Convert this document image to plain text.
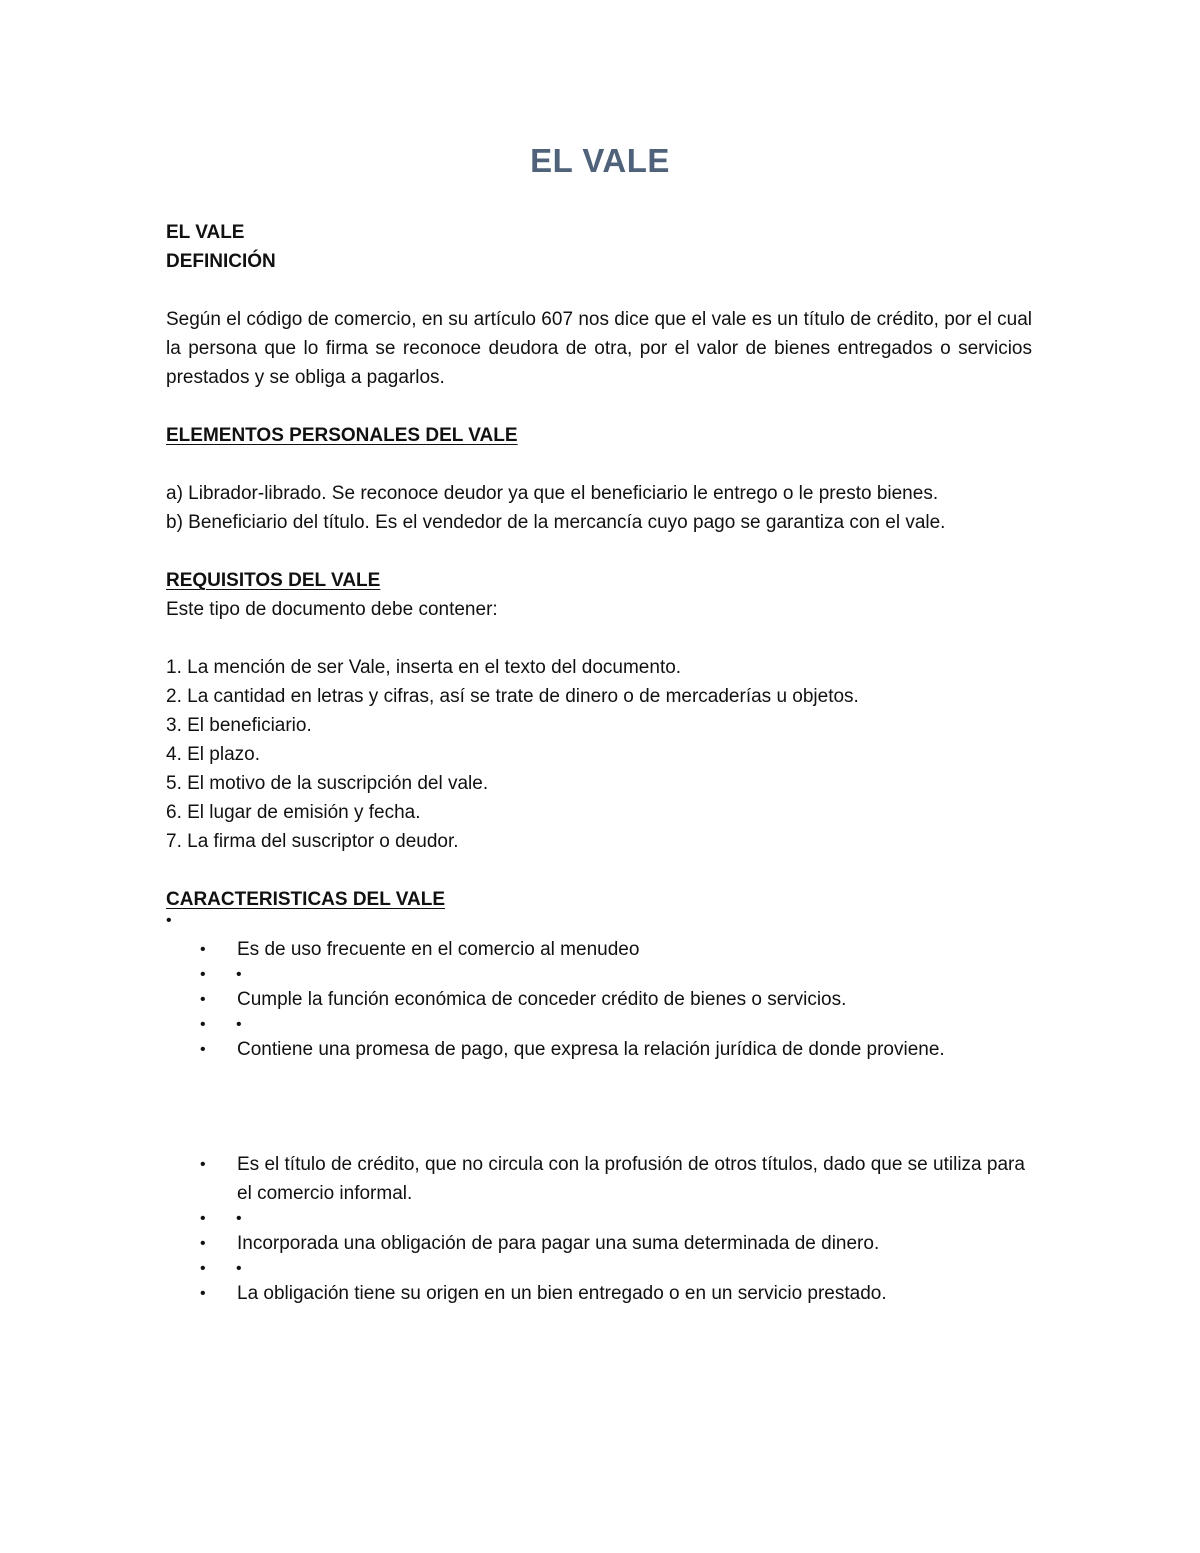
EL VALE

EL VALE

DEFINICIÓN

Según el código de comercio, en su artículo 607 nos dice que el vale es un título de crédito, por el cual la persona que lo firma se reconoce deudora de otra, por el valor de bienes entregados o servicios prestados y se obliga a pagarlos.

ELEMENTOS PERSONALES DEL VALE

a) Librador-librado. Se reconoce deudor ya que el beneficiario le entrego o le presto bienes.

b) Beneficiario del título. Es el vendedor de la mercancía cuyo pago se garantiza con el vale.

REQUISITOS DEL VALE

Este tipo de documento debe contener:

1. La mención de ser Vale, inserta en el texto del documento.

2. La cantidad en letras y cifras, así se trate de dinero o de mercaderías u objetos.

3. El beneficiario.

4. El plazo.

5. El motivo de la suscripción del vale.

6. El lugar de emisión y fecha.

7. La firma del suscriptor o deudor.

CARACTERISTICAS DEL VALE

•
• Es de uso frecuente en el comercio al menudeo
• •

• Cumple la función económica de conceder crédito de bienes o servicios.
• •

• Contiene una promesa de pago, que expresa la relación jurídica de donde proviene.
• Es el título de crédito, que no circula con la profusión de otros títulos, dado que se utiliza para el comercio informal.
• •

• Incorporada una obligación de para pagar una suma determinada de dinero.
• •

• La obligación tiene su origen en un bien entregado o en un servicio prestado.
